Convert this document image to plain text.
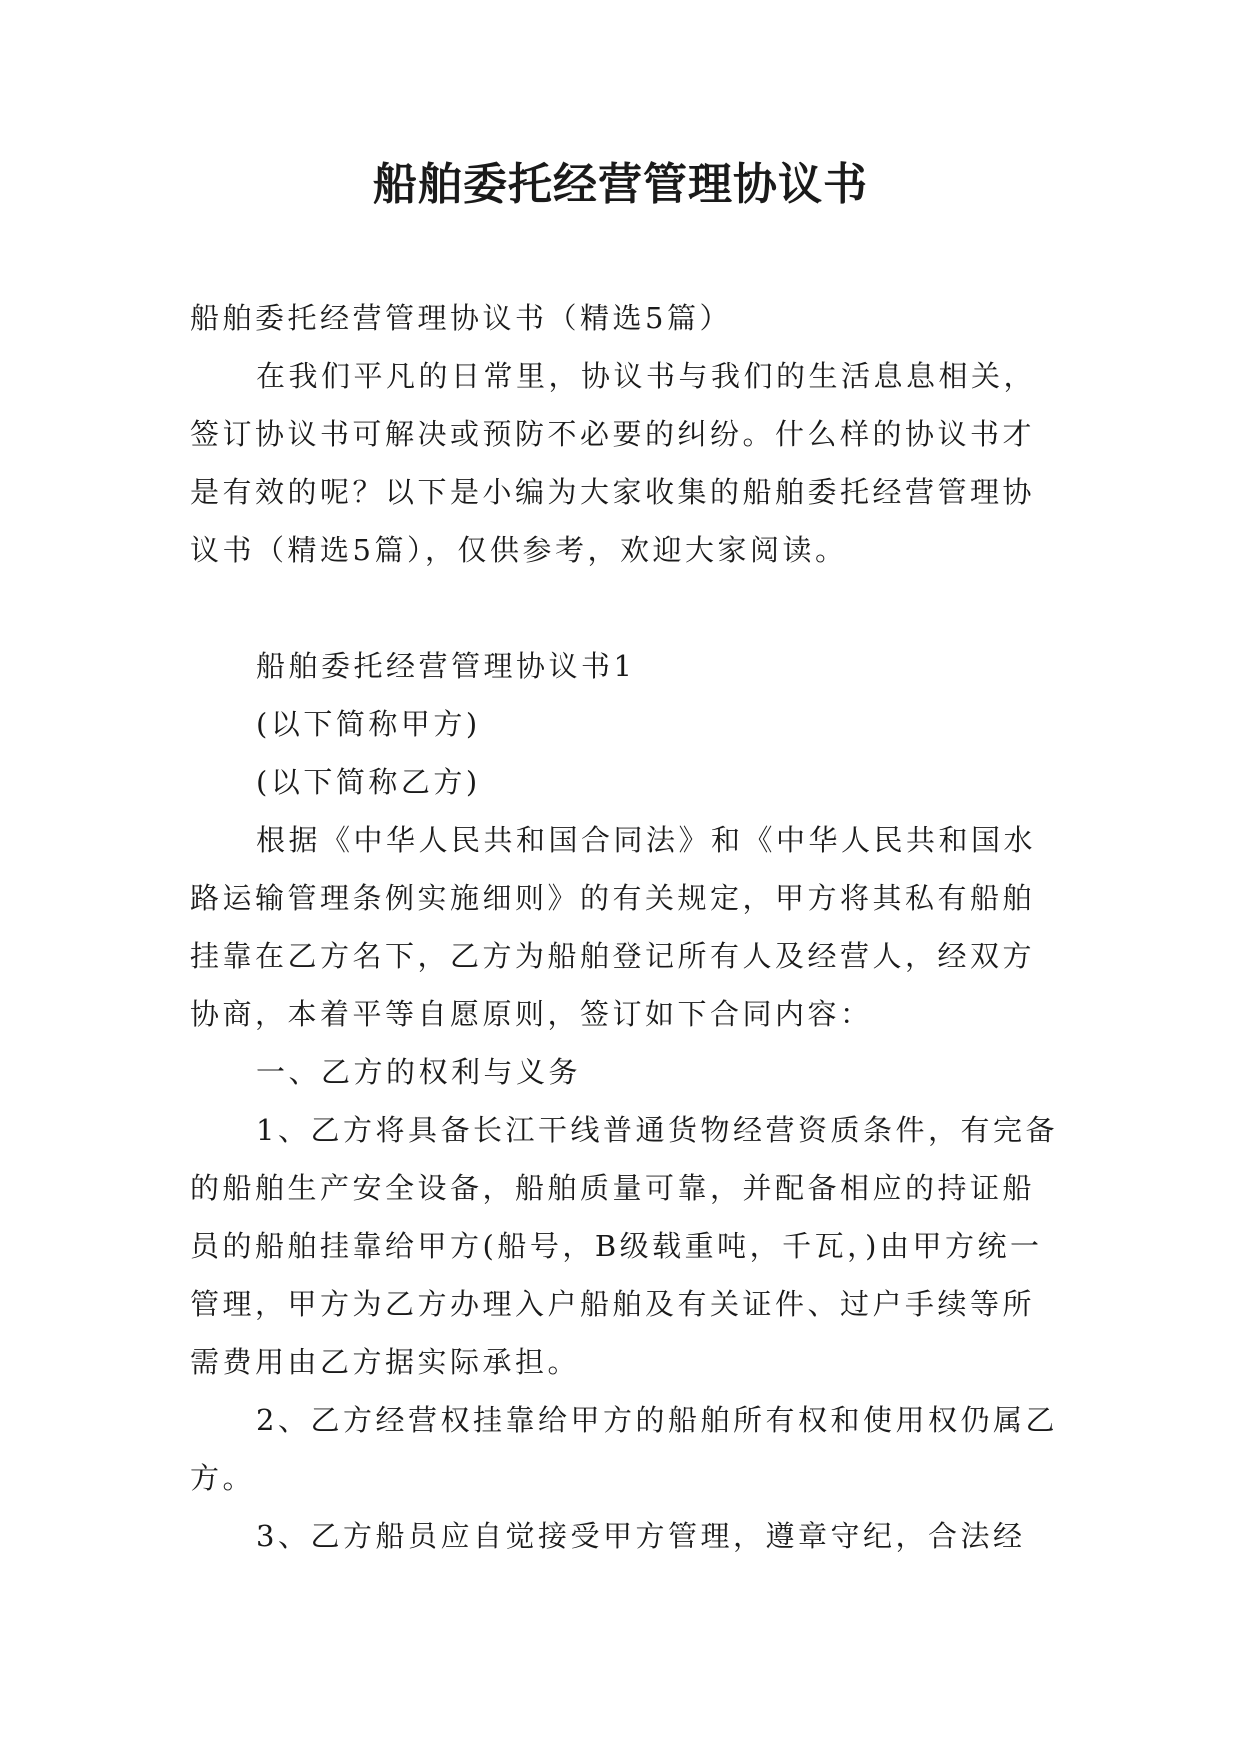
船舶委托经营管理协议书

船舶委托经营管理协议书（精选5篇）

在我们平凡的日常里，协议书与我们的生活息息相关，签订协议书可解决或预防不必要的纠纷。什么样的协议书才是有效的呢？以下是小编为大家收集的船舶委托经营管理协议书（精选5篇），仅供参考，欢迎大家阅读。

船舶委托经营管理协议书1

(以下简称甲方)

(以下简称乙方)

根据《中华人民共和国合同法》和《中华人民共和国水路运输管理条例实施细则》的有关规定，甲方将其私有船舶挂靠在乙方名下，乙方为船舶登记所有人及经营人，经双方协商，本着平等自愿原则，签订如下合同内容：

一、乙方的权利与义务

1、乙方将具备长江干线普通货物经营资质条件，有完备的船舶生产安全设备，船舶质量可靠，并配备相应的持证船员的船舶挂靠给甲方(船号，B级载重吨，千瓦，)由甲方统一管理，甲方为乙方办理入户船舶及有关证件、过户手续等所需费用由乙方据实际承担。

2、乙方经营权挂靠给甲方的船舶所有权和使用权仍属乙方。

3、乙方船员应自觉接受甲方管理，遵章守纪，合法经
